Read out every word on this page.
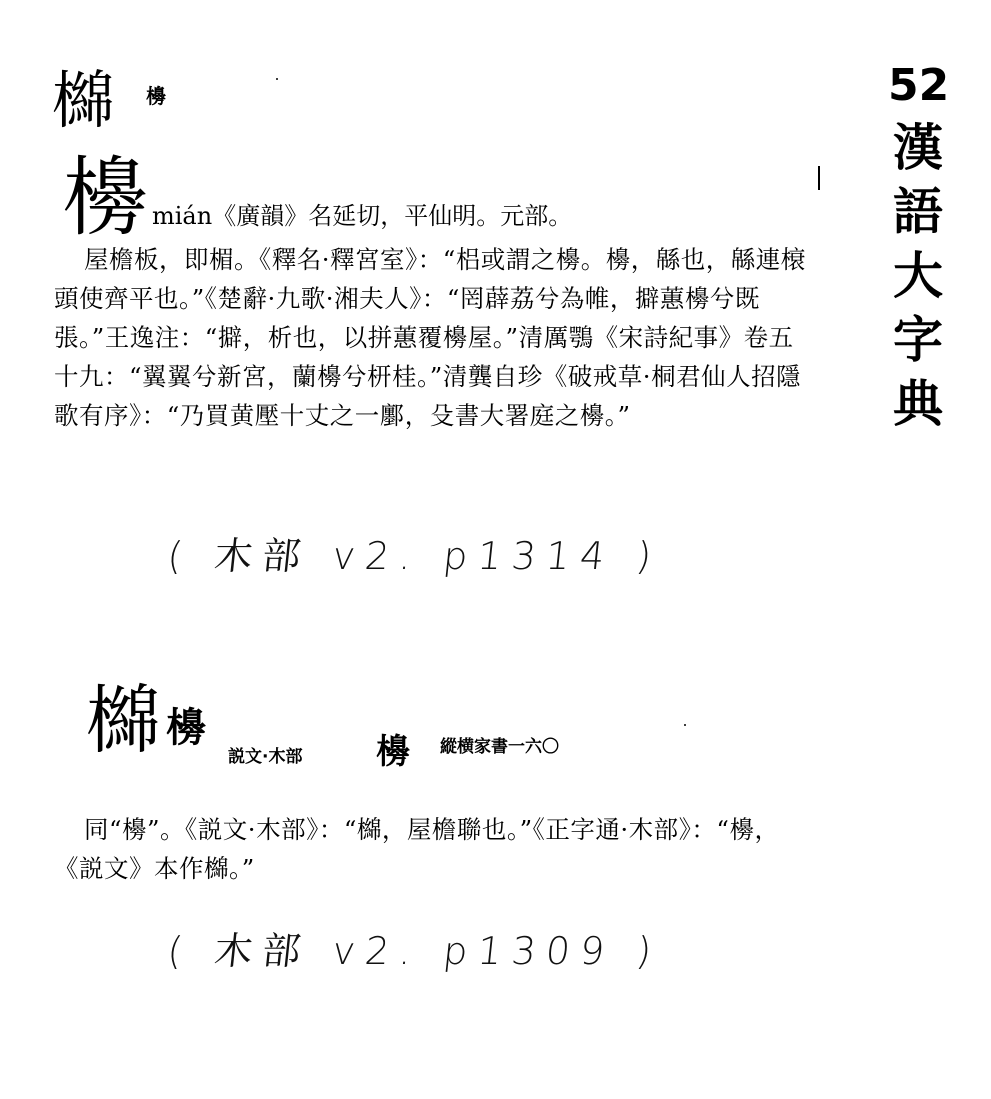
52
漢語大字典
檰 櫋
櫋 mián《廣韻》名延切，平仙明。元部。
屋檐板，即楣。《釋名·釋宮室》：“梠或謂之櫋。櫋，緜也，緜連榱頭使齊平也。”《楚辭·九歌·湘夫人》：“罔薜荔兮為帷，擗蕙櫋兮既張。”王逸注：“擗，析也，以拼蕙覆櫋屋。”清厲鶚《宋詩紀事》卷五十九：“翼翼兮新宮，蘭櫋兮枅桂。”清龔自珍《破戒草·桐君仙人招隱歌有序》：“乃買黄壓十丈之一鄽，殳書大署庭之櫋。”
( 木部 v2. p1314 )
檰 櫋
説文·木部 櫋 縱横家書一六〇
同“櫋”。《説文·木部》：“檰，屋檐聯也。”《正字通·木部》：“櫋，《説文》本作檰。”
( 木部 v2. p1309 )
